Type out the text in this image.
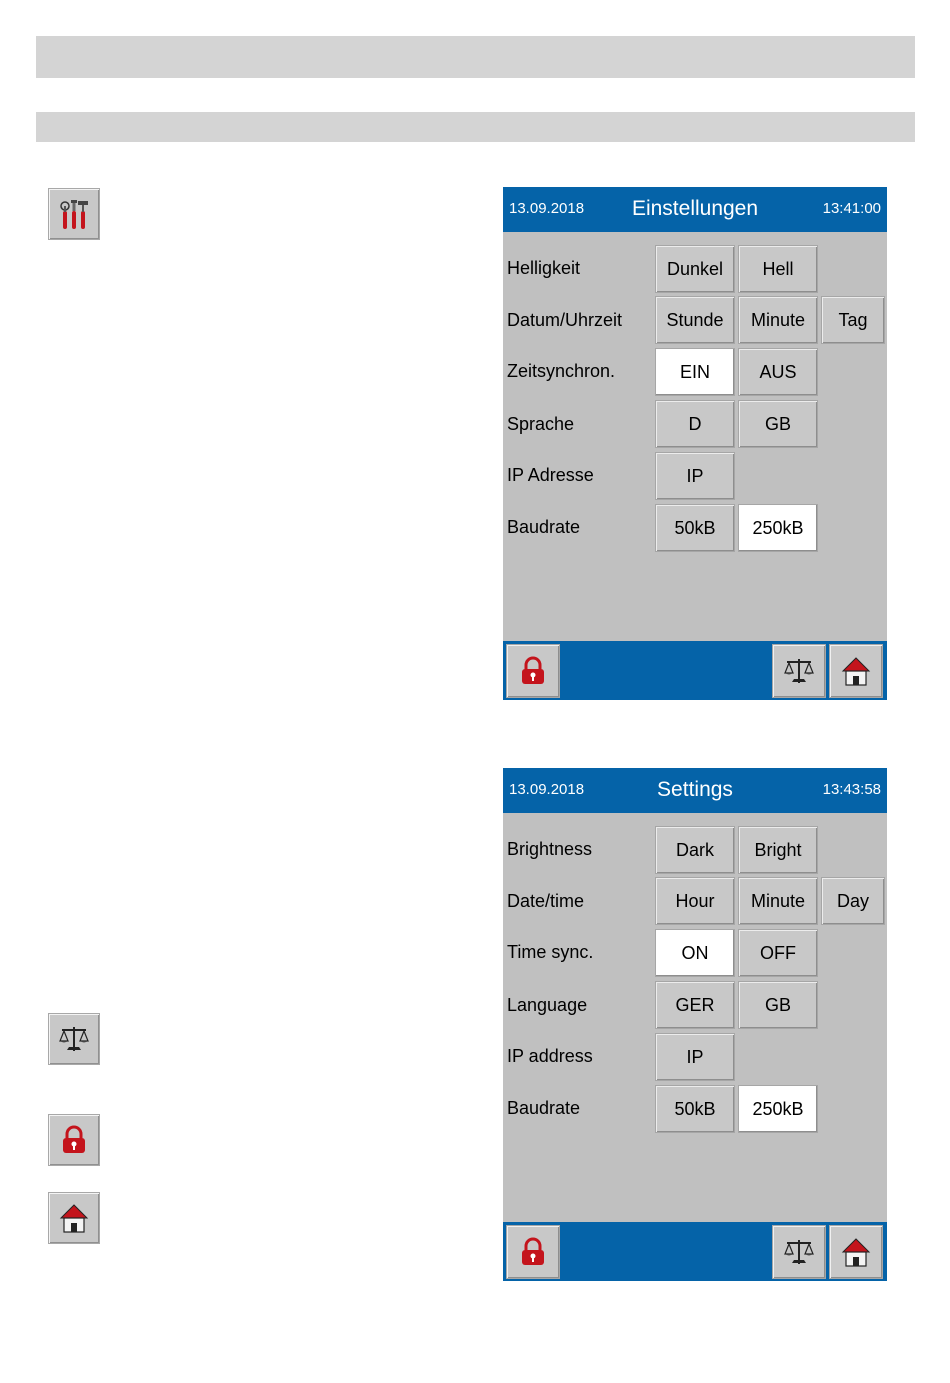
13.09.2018	Einstellungen	13:41:00
Helligkeit	Dunkel	Hell
Datum/Uhrzeit	Stunde	Minute	Tag
Zeitsynchron.	EIN	AUS
Sprache	D	GB
IP Adresse	IP
Baudrate	50kB	250kB
13.09.2018	Settings	13:43:58
Brightness	Dark	Bright
Date/time	Hour	Minute	Day
Time sync.	ON	OFF
Language	GER	GB
IP address	IP
Baudrate	50kB	250kB
